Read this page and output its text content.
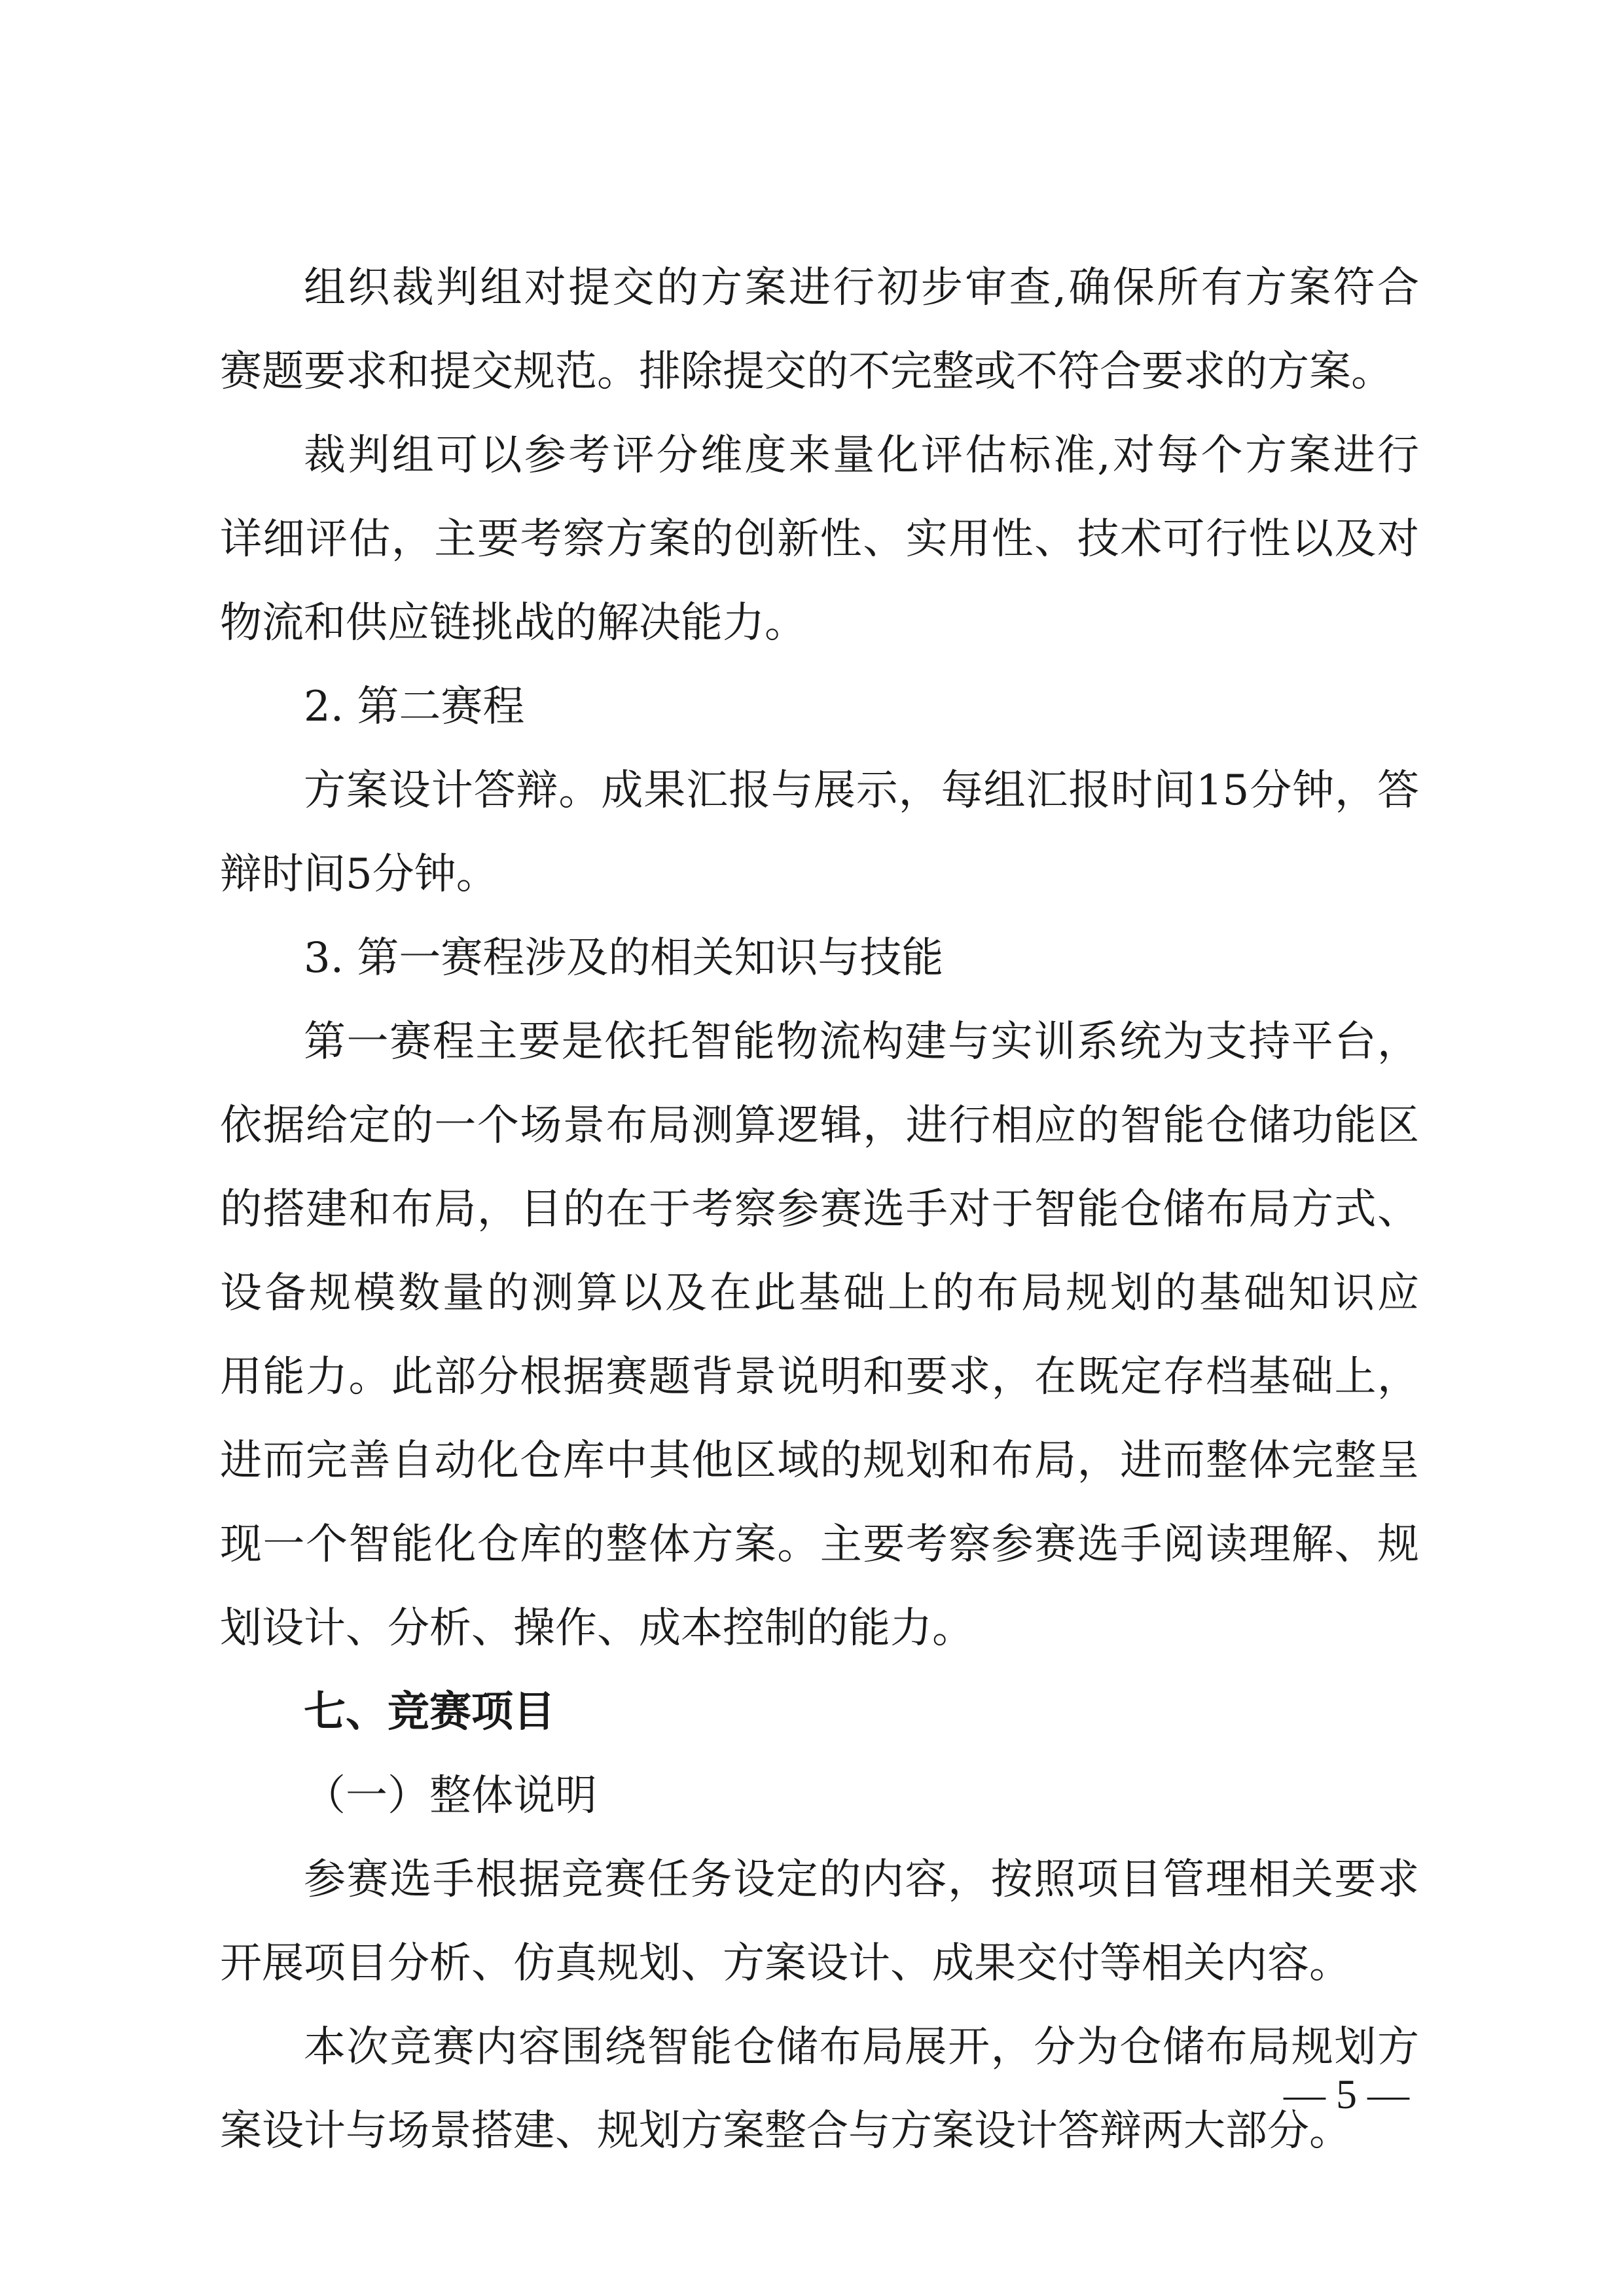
组织裁判组对提交的方案进行初步审查,确保所有方案符合
赛题要求和提交规范。排除提交的不完整或不符合要求的方案。
裁判组可以参考评分维度来量化评估标准,对每个方案进行
详细评估，主要考察方案的创新性、实用性、技术可行性以及对
物流和供应链挑战的解决能力。
2. 第二赛程
方案设计答辩。成果汇报与展示，每组汇报时间15分钟，答
辩时间5分钟。
3. 第一赛程涉及的相关知识与技能
第一赛程主要是依托智能物流构建与实训系统为支持平台，
依据给定的一个场景布局测算逻辑，进行相应的智能仓储功能区
的搭建和布局，目的在于考察参赛选手对于智能仓储布局方式、
设备规模数量的测算以及在此基础上的布局规划的基础知识应
用能力。此部分根据赛题背景说明和要求，在既定存档基础上，
进而完善自动化仓库中其他区域的规划和布局，进而整体完整呈
现一个智能化仓库的整体方案。主要考察参赛选手阅读理解、规
划设计、分析、操作、成本控制的能力。
七、竞赛项目
（一）整体说明
参赛选手根据竞赛任务设定的内容，按照项目管理相关要求
开展项目分析、仿真规划、方案设计、成果交付等相关内容。
本次竞赛内容围绕智能仓储布局展开，分为仓储布局规划方
案设计与场景搭建、规划方案整合与方案设计答辩两大部分。
— 5 —
